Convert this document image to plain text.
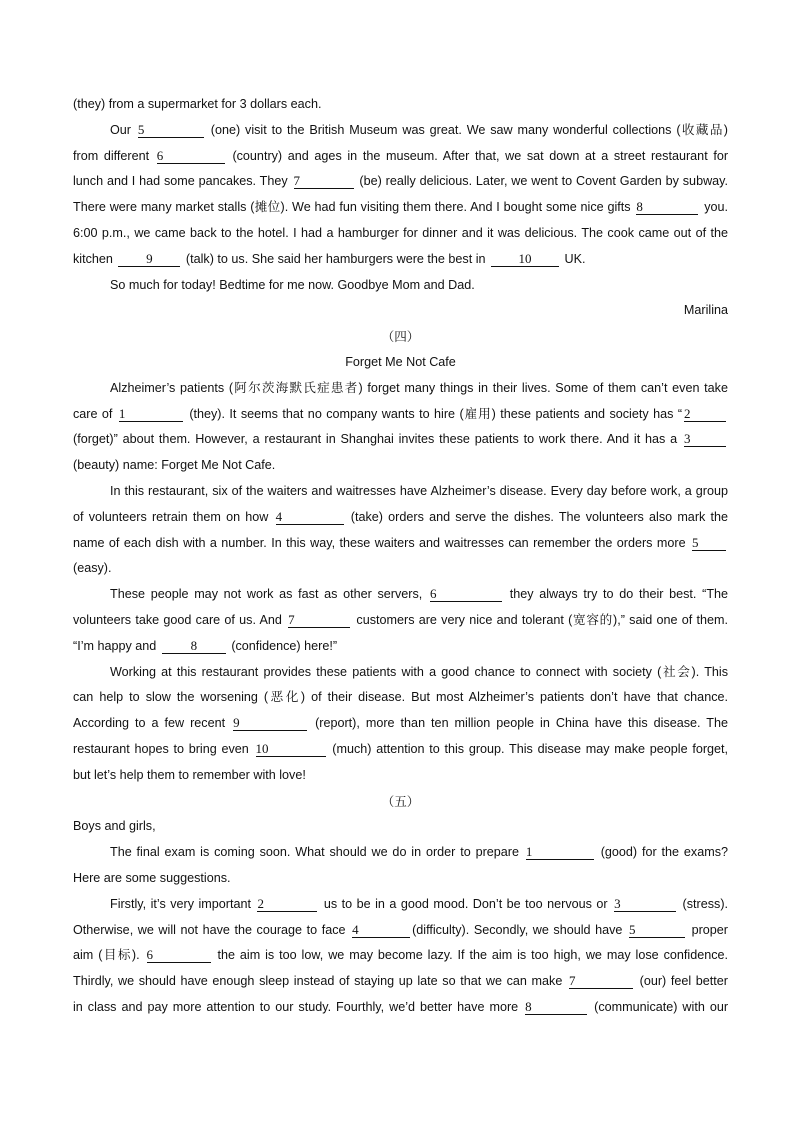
(they) from a supermarket for 3 dollars each.
Our 5	(one) visit to the British Museum was great. We saw many wonderful collections (收藏品)
from different 6	(country) and ages in the museum. After that, we sat down at a street restaurant for
lunch and I had some pancakes. They 7	(be) really delicious. Later, we went to Covent Garden by subway.
There were many market stalls (摊位). We had fun visiting them there. And I bought some nice gifts 8	you.
6:00 p.m., we came back to the hotel. I had a hamburger for dinner and it was delicious. The cook came out of the
kitchen	9	(talk) to us. She said her hamburgers were the best in	10	UK.
So much for today! Bedtime for me now. Goodbye Mom and Dad.
Marilina
（四）
Forget Me Not Cafe
Alzheimer’s patients (阿尔茨海默氏症患者) forget many things in their lives. Some of them can’t even take
care of 1	(they). It seems that no company wants to hire (雇用) these patients and society has “ 2
(forget)” about them. However, a restaurant in Shanghai invites these patients to work there. And it has a 3
(beauty) name: Forget Me Not Cafe.
In this restaurant, six of the waiters and waitresses have Alzheimer’s disease. Every day before work, a group
of volunteers retrain them on how 4	(take) orders and serve the dishes. The volunteers also mark the
name of each dish with a number. In this way, these waiters and waitresses can remember the orders more 5
(easy).
These people may not work as fast as other servers, 6	they always try to do their best. “The
volunteers take good care of us. And 7	customers are very nice and tolerant (宽容的),” said one of them.
“I’m happy and	8	(confidence) here!”
Working at this restaurant provides these patients with a good chance to connect with society (社会). This
can help to slow the worsening (恶化) of their disease. But most Alzheimer’s patients don’t have that chance.
According to a few recent 9	(report), more than ten million people in China have this disease. The
restaurant hopes to bring even 10	(much) attention to this group. This disease may make people forget,
but let’s help them to remember with love!
（五）
Boys and girls,
The final exam is coming soon. What should we do in order to prepare 1	(good) for the exams?
Here are some suggestions.
Firstly, it’s very important 2	us to be in a good mood. Don’t be too nervous or 3	(stress).
Otherwise, we will not have the courage to face 4	(difficulty). Secondly, we should have 5	proper
aim (目标). 6	the aim is too low, we may become lazy. If the aim is too high, we may lose confidence.
Thirdly, we should have enough sleep instead of staying up late so that we can make 7	(our) feel better
in class and pay more attention to our study. Fourthly, we’d better have more 8	(communicate) with our
